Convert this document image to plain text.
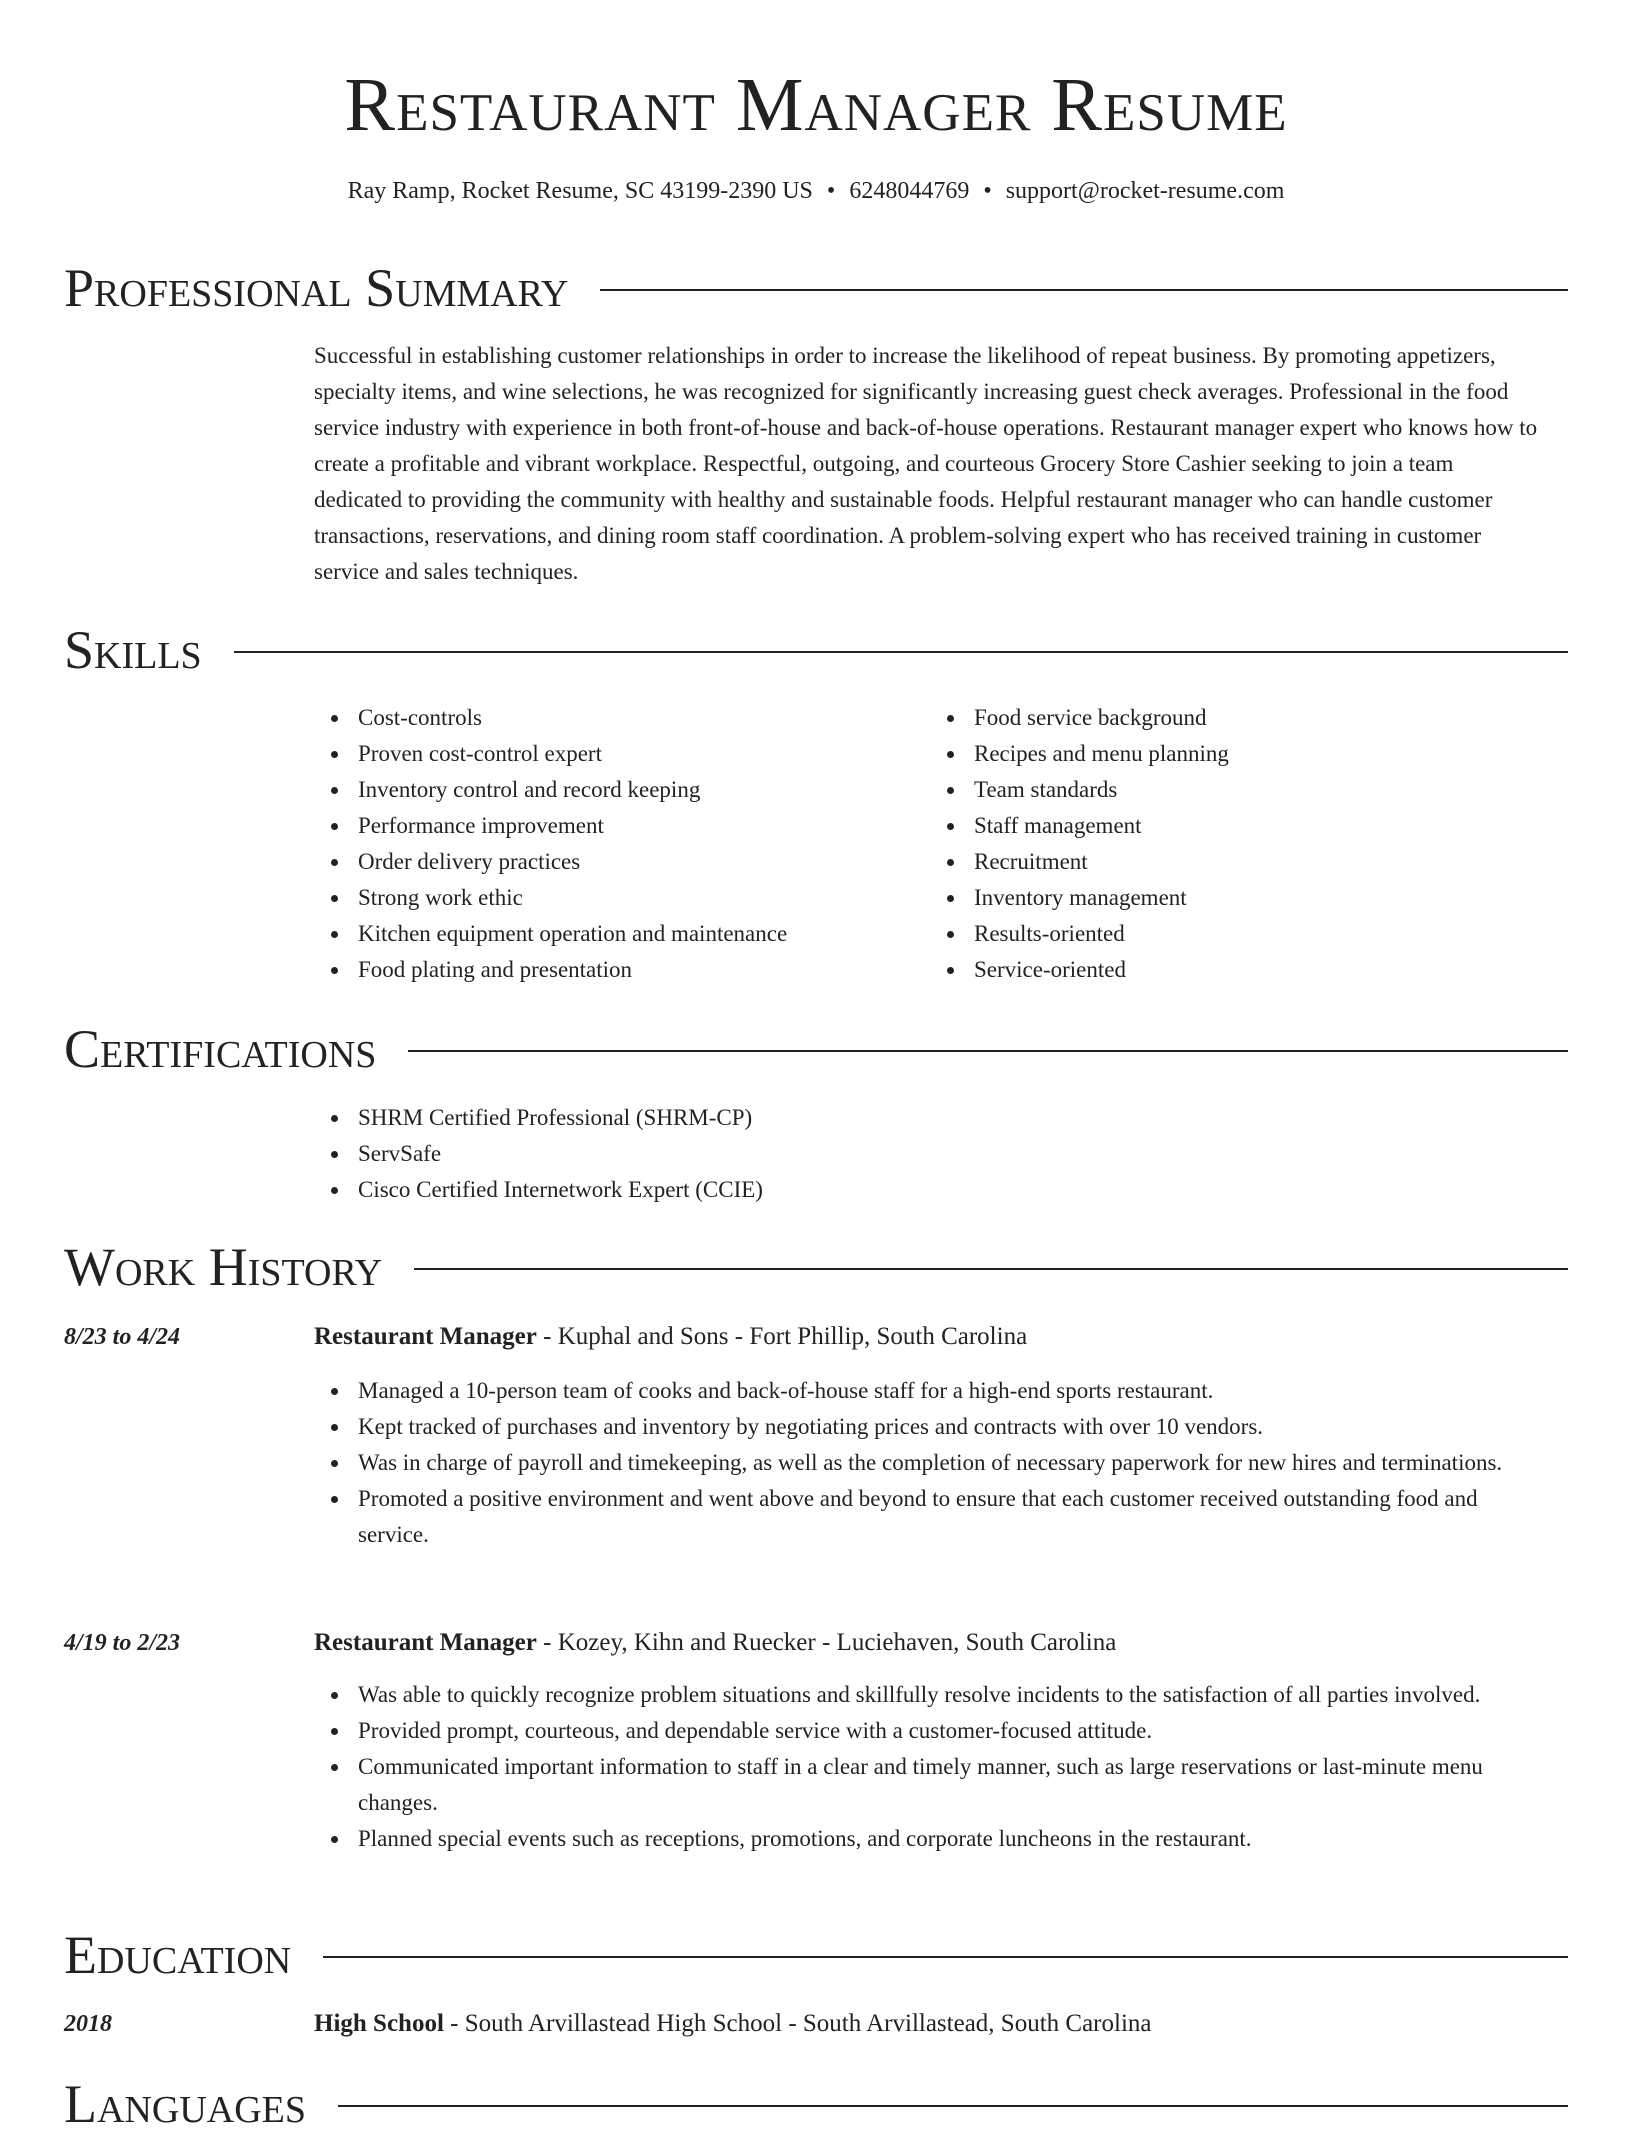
Restaurant Manager Resume
Ray Ramp, Rocket Resume, SC 43199-2390 US • 6248044769 • support@rocket-resume.com
Professional Summary
Successful in establishing customer relationships in order to increase the likelihood of repeat business. By promoting appetizers, specialty items, and wine selections, he was recognized for significantly increasing guest check averages. Professional in the food service industry with experience in both front-of-house and back-of-house operations. Restaurant manager expert who knows how to create a profitable and vibrant workplace. Respectful, outgoing, and courteous Grocery Store Cashier seeking to join a team dedicated to providing the community with healthy and sustainable foods. Helpful restaurant manager who can handle customer transactions, reservations, and dining room staff coordination. A problem-solving expert who has received training in customer service and sales techniques.
Skills
Cost-controls
Proven cost-control expert
Inventory control and record keeping
Performance improvement
Order delivery practices
Strong work ethic
Kitchen equipment operation and maintenance
Food plating and presentation
Food service background
Recipes and menu planning
Team standards
Staff management
Recruitment
Inventory management
Results-oriented
Service-oriented
Certifications
SHRM Certified Professional (SHRM-CP)
ServSafe
Cisco Certified Internetwork Expert (CCIE)
Work History
8/23 to 4/24	Restaurant Manager - Kuphal and Sons - Fort Phillip, South Carolina
Managed a 10-person team of cooks and back-of-house staff for a high-end sports restaurant.
Kept tracked of purchases and inventory by negotiating prices and contracts with over 10 vendors.
Was in charge of payroll and timekeeping, as well as the completion of necessary paperwork for new hires and terminations.
Promoted a positive environment and went above and beyond to ensure that each customer received outstanding food and service.
4/19 to 2/23	Restaurant Manager - Kozey, Kihn and Ruecker - Luciehaven, South Carolina
Was able to quickly recognize problem situations and skillfully resolve incidents to the satisfaction of all parties involved.
Provided prompt, courteous, and dependable service with a customer-focused attitude.
Communicated important information to staff in a clear and timely manner, such as large reservations or last-minute menu changes.
Planned special events such as receptions, promotions, and corporate luncheons in the restaurant.
Education
2018	High School - South Arvillastead High School - South Arvillastead, South Carolina
Languages
